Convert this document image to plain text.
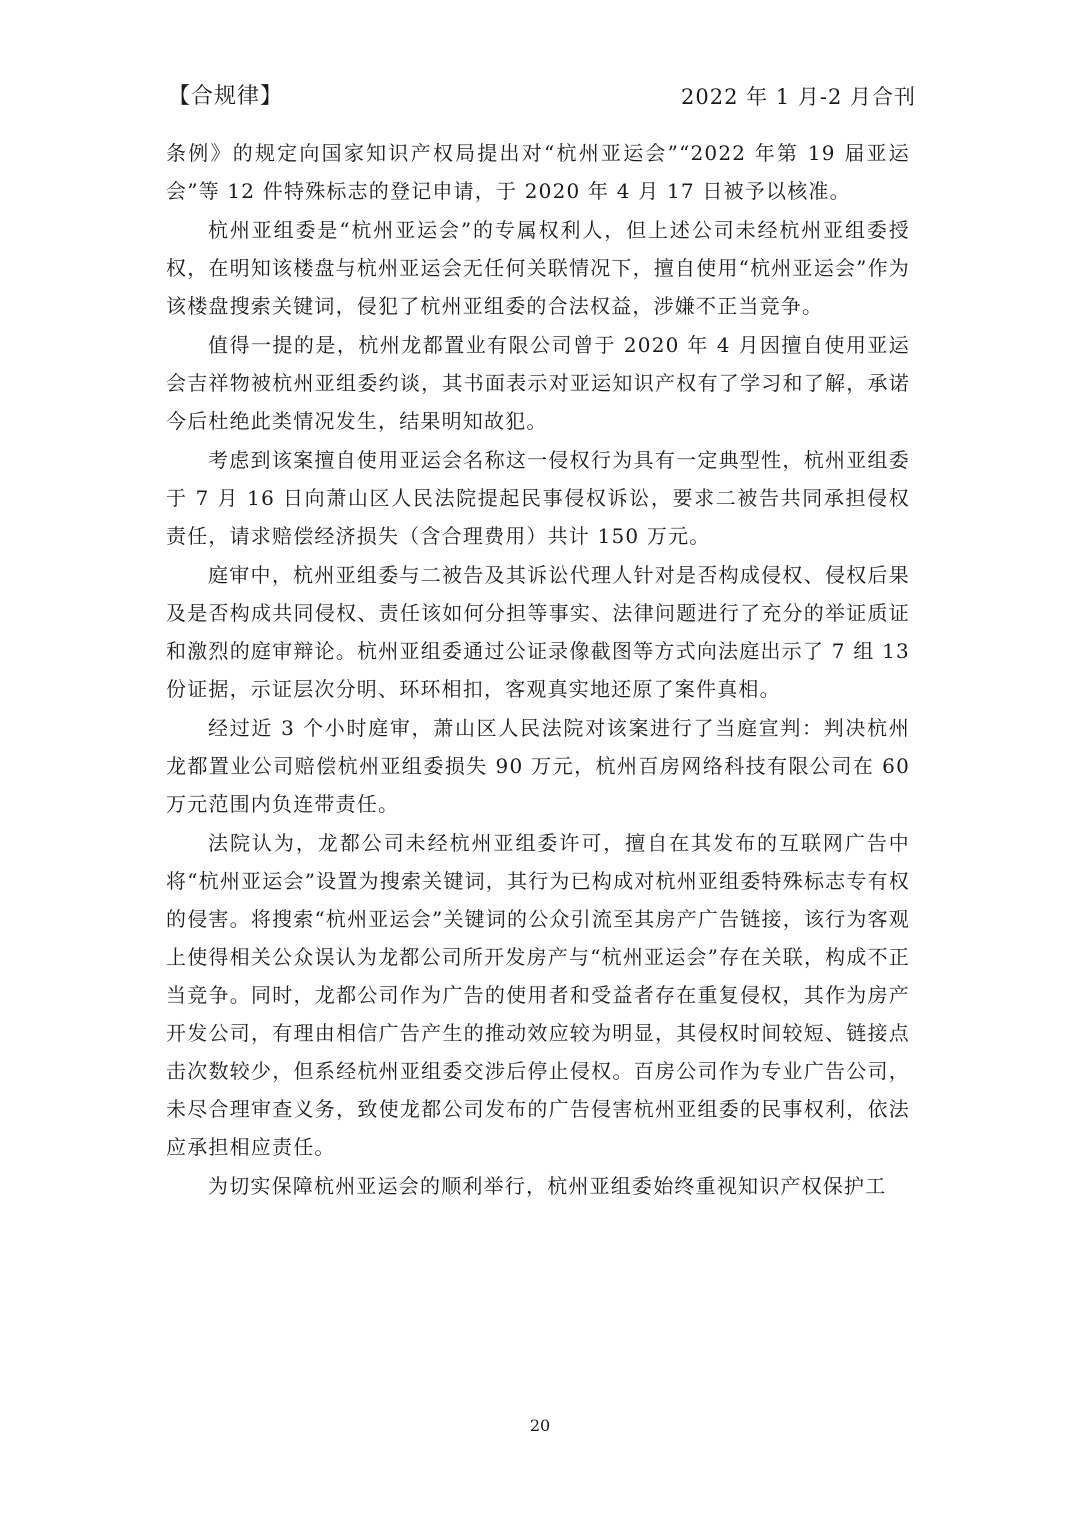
【合规律】	2022 年 1 月-2 月合刊

条例》的规定向国家知识产权局提出对“杭州亚运会”“2022 年第 19 届亚运会”等 12 件特殊标志的登记申请，于 2020 年 4 月 17 日被予以核准。

杭州亚组委是“杭州亚运会”的专属权利人，但上述公司未经杭州亚组委授权，在明知该楼盘与杭州亚运会无任何关联情况下，擅自使用“杭州亚运会”作为该楼盘搜索关键词，侵犯了杭州亚组委的合法权益，涉嫌不正当竞争。

值得一提的是，杭州龙都置业有限公司曾于 2020 年 4 月因擅自使用亚运会吉祥物被杭州亚组委约谈，其书面表示对亚运知识产权有了学习和了解，承诺今后杜绝此类情况发生，结果明知故犯。

考虑到该案擅自使用亚运会名称这一侵权行为具有一定典型性，杭州亚组委于 7 月 16 日向萧山区人民法院提起民事侵权诉讼，要求二被告共同承担侵权责任，请求赔偿经济损失（含合理费用）共计 150 万元。

庭审中，杭州亚组委与二被告及其诉讼代理人针对是否构成侵权、侵权后果及是否构成共同侵权、责任该如何分担等事实、法律问题进行了充分的举证质证和激烈的庭审辩论。杭州亚组委通过公证录像截图等方式向法庭出示了 7 组 13 份证据，示证层次分明、环环相扣，客观真实地还原了案件真相。

经过近 3 个小时庭审，萧山区人民法院对该案进行了当庭宣判：判决杭州龙都置业公司赔偿杭州亚组委损失 90 万元，杭州百房网络科技有限公司在 60 万元范围内负连带责任。

法院认为，龙都公司未经杭州亚组委许可，擅自在其发布的互联网广告中将“杭州亚运会”设置为搜索关键词，其行为已构成对杭州亚组委特殊标志专有权的侵害。将搜索“杭州亚运会”关键词的公众引流至其房产广告链接，该行为客观上使得相关公众误认为龙都公司所开发房产与“杭州亚运会”存在关联，构成不正当竞争。同时，龙都公司作为广告的使用者和受益者存在重复侵权，其作为房产开发公司，有理由相信广告产生的推动效应较为明显，其侵权时间较短、链接点击次数较少，但系经杭州亚组委交涉后停止侵权。百房公司作为专业广告公司，未尽合理审查义务，致使龙都公司发布的广告侵害杭州亚组委的民事权利，依法应承担相应责任。

为切实保障杭州亚运会的顺利举行，杭州亚组委始终重视知识产权保护工

20
